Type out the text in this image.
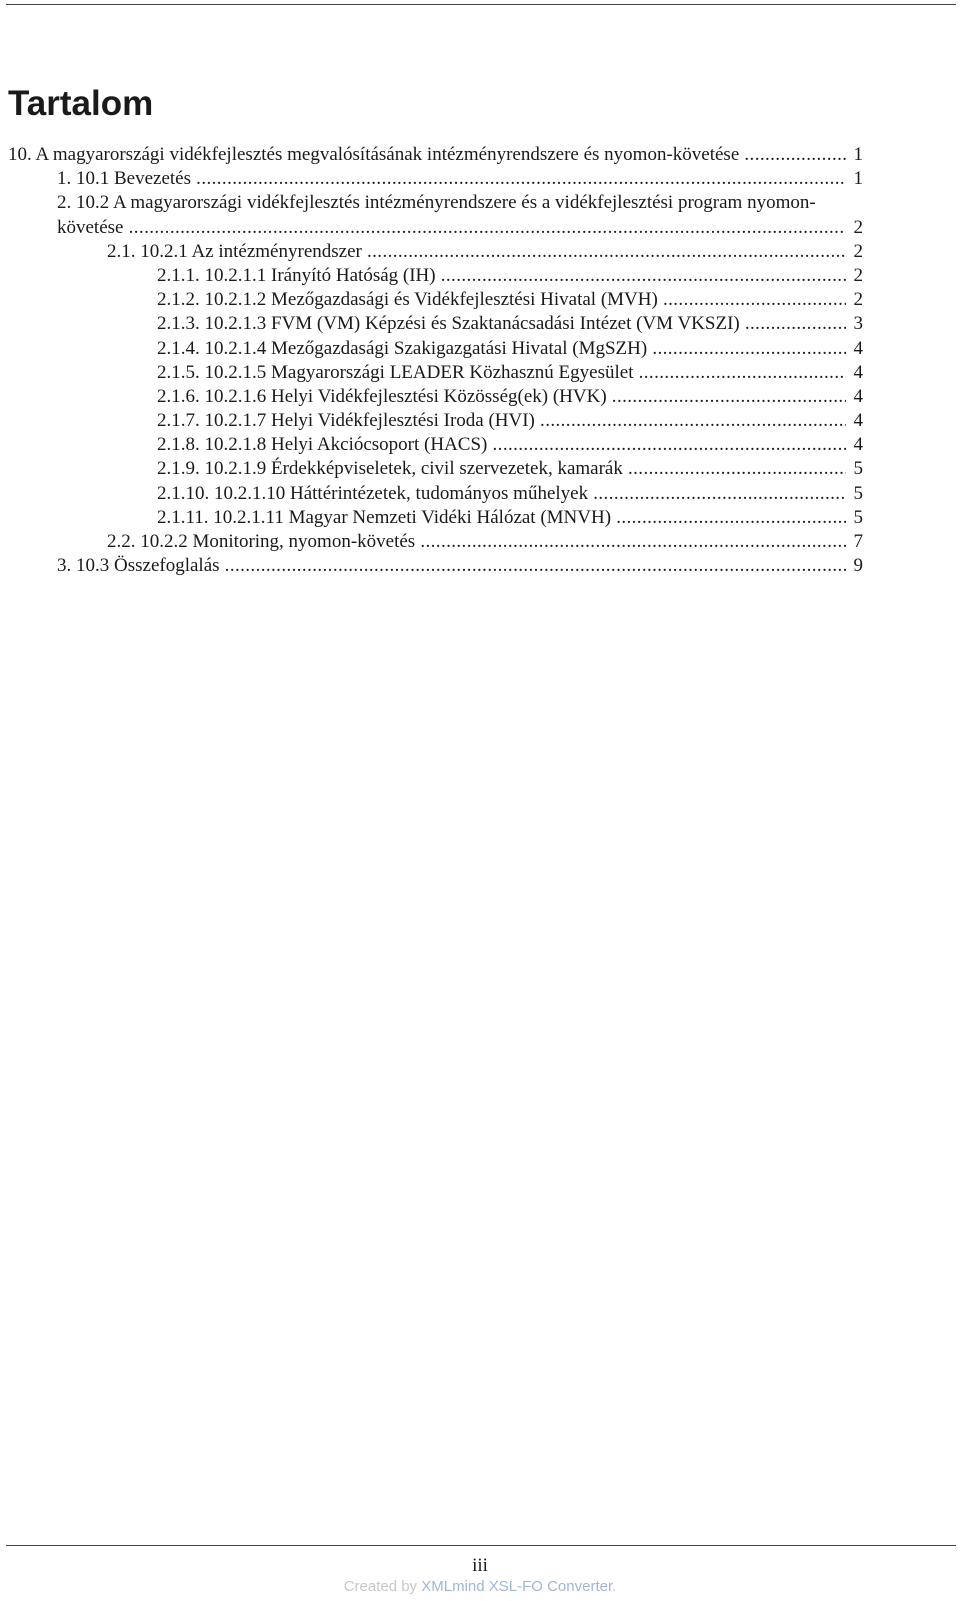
Tartalom
10. A magyarországi vidékfejlesztés megvalósításának intézményrendszere és nyomon-követése .....	1
1. 10.1 Bevezetés .....	1
2. 10.2 A magyarországi vidékfejlesztés intézményrendszere és a vidékfejlesztési program nyomon-
követése .....	2
2.1. 10.2.1 Az intézményrendszer .....	2
2.1.1. 10.2.1.1 Irányító Hatóság (IH) .....	2
2.1.2. 10.2.1.2 Mezőgazdasági és Vidékfejlesztési Hivatal (MVH) .....	2
2.1.3. 10.2.1.3 FVM (VM) Képzési és Szaktanácsadási Intézet (VM VKSZI) .....	3
2.1.4. 10.2.1.4 Mezőgazdasági Szakigazgatási Hivatal (MgSZH) .....	4
2.1.5. 10.2.1.5 Magyarországi LEADER Közhasznú Egyesület .....	4
2.1.6. 10.2.1.6 Helyi Vidékfejlesztési Közösség(ek) (HVK) .....	4
2.1.7. 10.2.1.7 Helyi Vidékfejlesztési Iroda (HVI) .....	4
2.1.8. 10.2.1.8 Helyi Akciócsoport (HACS) .....	4
2.1.9. 10.2.1.9 Érdekképviseletek, civil szervezetek, kamarák .....	5
2.1.10. 10.2.1.10 Háttérintézetek, tudományos műhelyek .....	5
2.1.11. 10.2.1.11 Magyar Nemzeti Vidéki Hálózat (MNVH) .....	5
2.2. 10.2.2 Monitoring, nyomon-követés .....	7
3. 10.3 Összefoglalás .....	9
iii
Created by XMLmind XSL-FO Converter.
